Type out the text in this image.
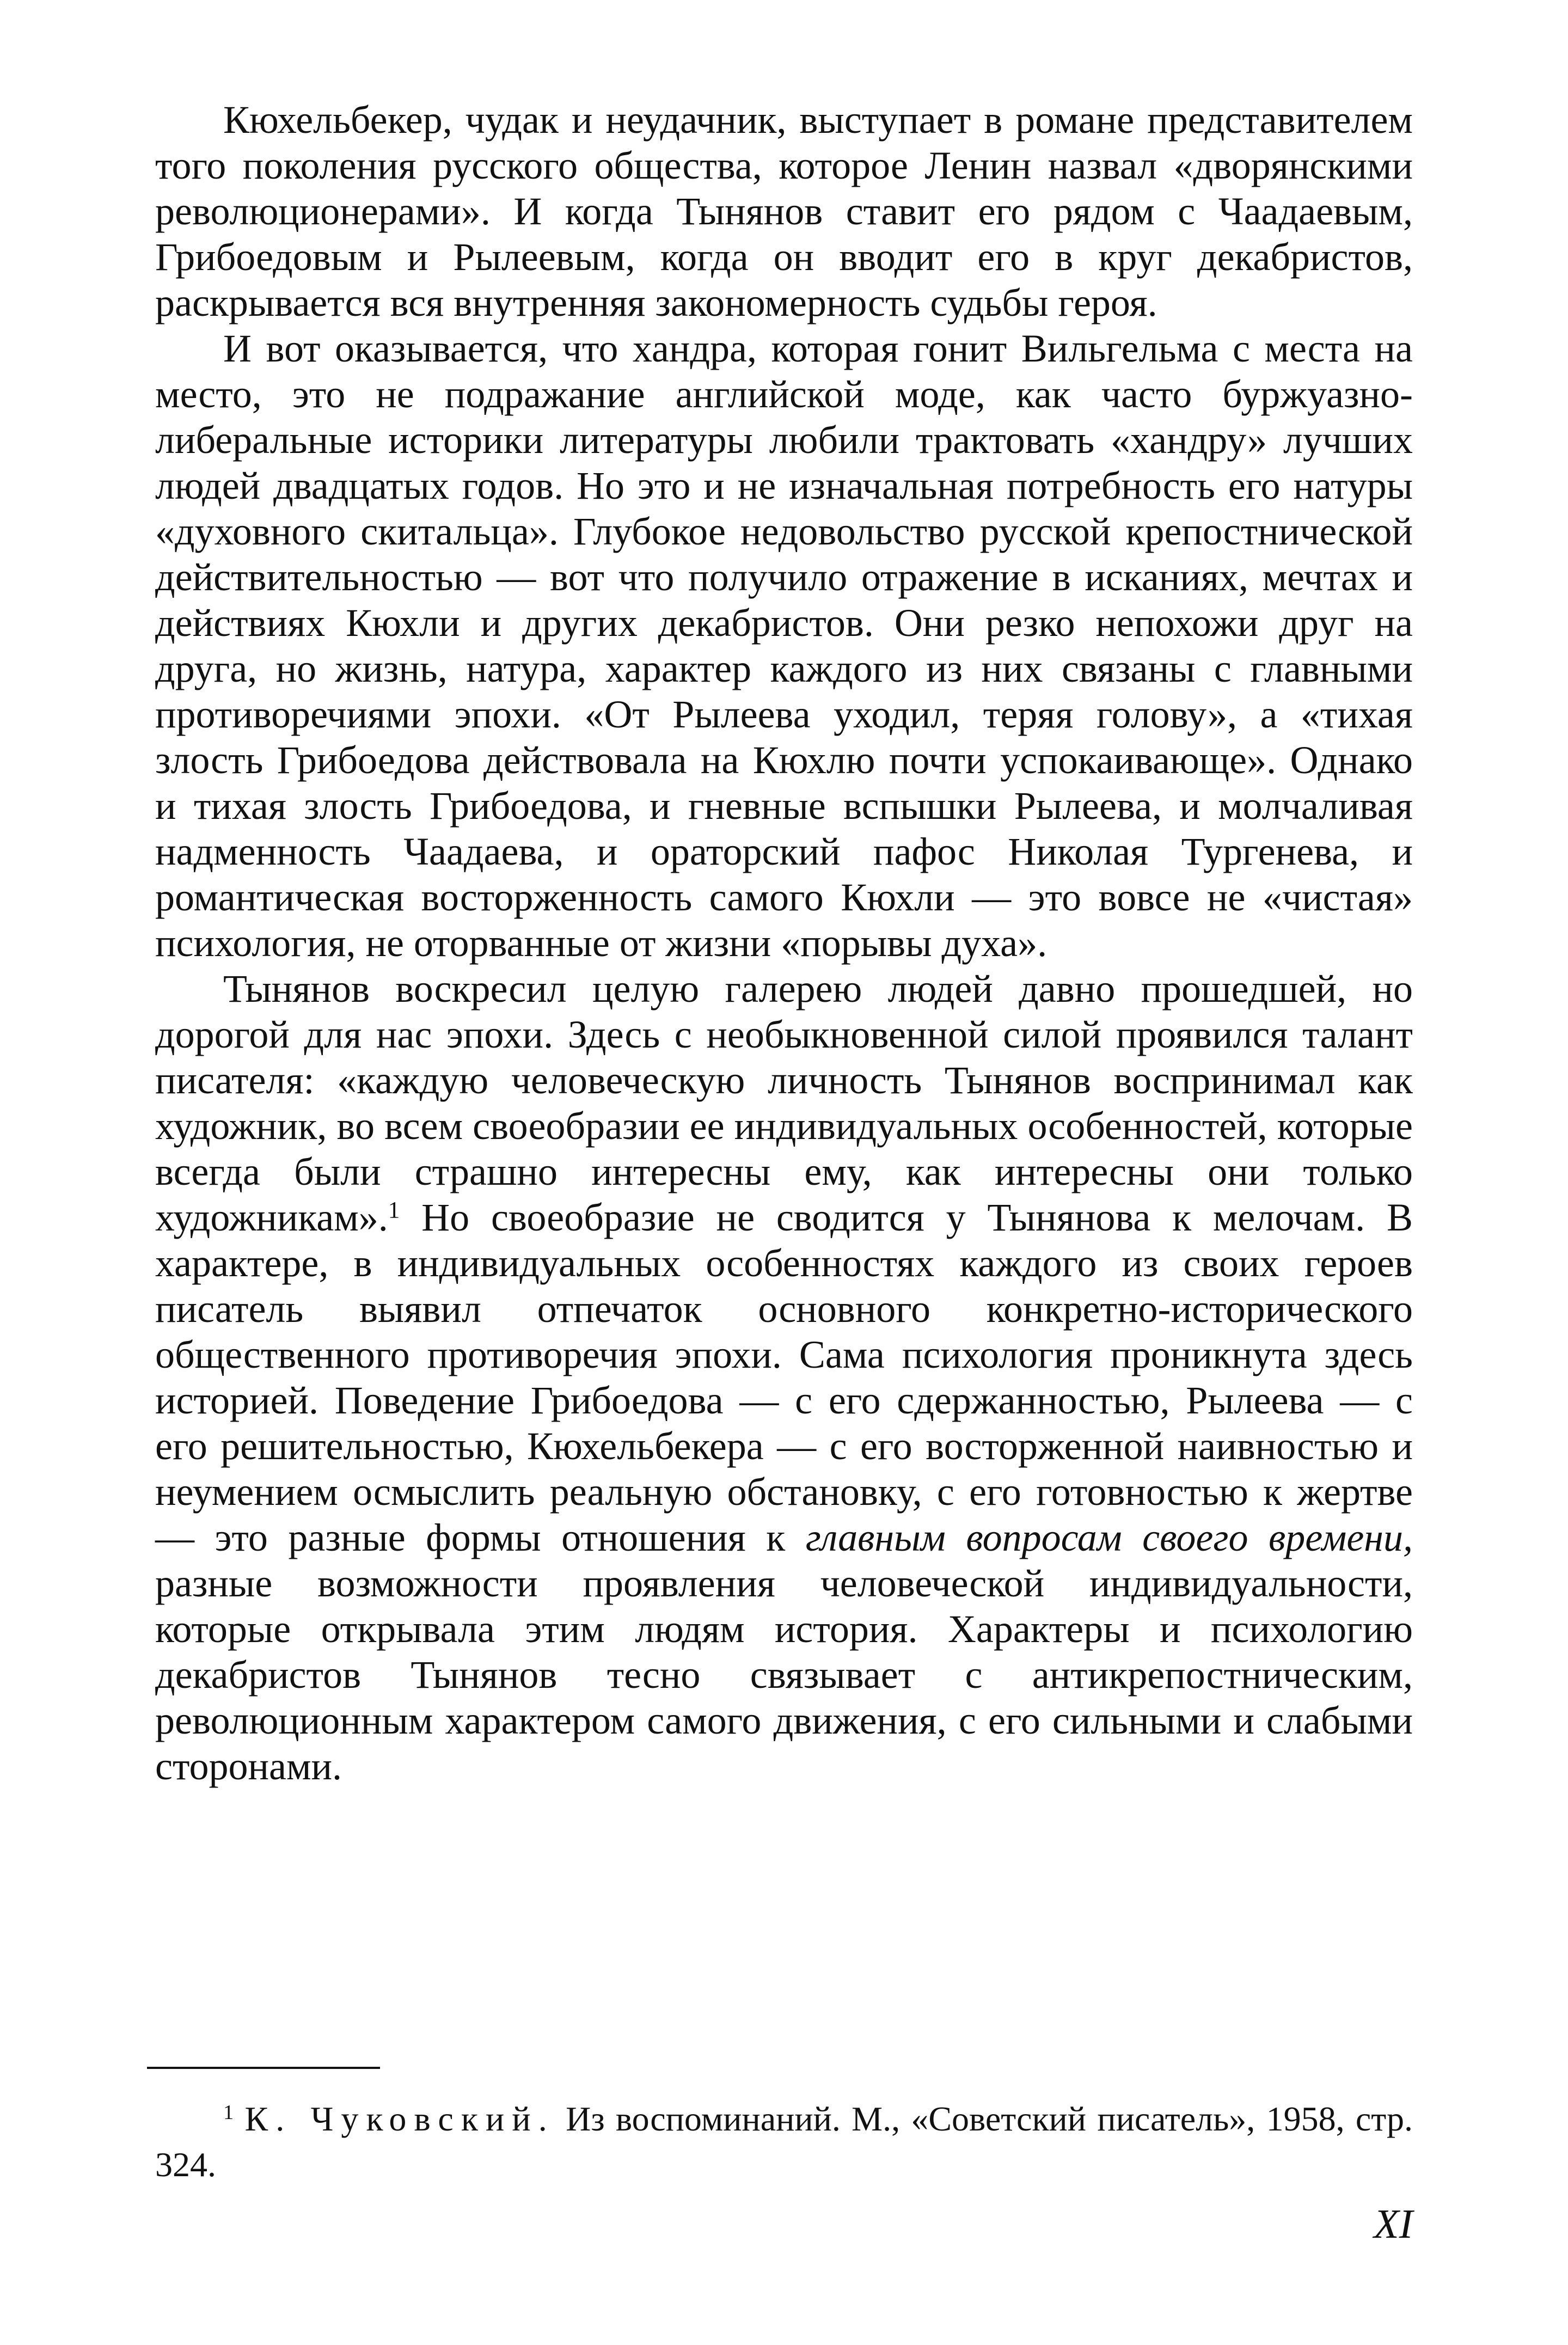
Кюхельбекер, чудак и неудачник, выступает в романе представителем того поколения русского общества, которое Ленин назвал «дворянскими революционерами». И когда Тынянов ставит его рядом с Чаадаевым, Грибоедовым и Рылеевым, когда он вводит его в круг декабристов, раскрывается вся внутренняя закономерность судьбы героя.

И вот оказывается, что хандра, которая гонит Вильгельма с места на место, это не подражание английской моде, как часто буржуазно-либеральные историки литературы любили трактовать «хандру» лучших людей двадцатых годов. Но это и не изначальная потребность его натуры «духовного скитальца». Глубокое недовольство русской крепостнической действительностью — вот что получило отражение в исканиях, мечтах и действиях Кюхли и других декабристов. Они резко непохожи друг на друга, но жизнь, натура, характер каждого из них связаны с главными противоречиями эпохи. «От Рылеева уходил, теряя голову», а «тихая злость Грибоедова действовала на Кюхлю почти успокаивающе». Однако и тихая злость Грибоедова, и гневные вспышки Рылеева, и молчаливая надменность Чаадаева, и ораторский пафос Николая Тургенева, и романтическая восторженность самого Кюхли — это вовсе не «чистая» психология, не оторванные от жизни «порывы духа».

Тынянов воскресил целую галерею людей давно прошедшей, но дорогой для нас эпохи. Здесь с необыкновенной силой проявился талант писателя: «каждую человеческую личность Тынянов воспринимал как художник, во всем своеобразии ее индивидуальных особенностей, которые всегда были страшно интересны ему, как интересны они только художникам».$^1$ Но своеобразие не сводится у Тынянова к мелочам. В характере, в индивидуальных особенностях каждого из своих героев писатель выявил отпечаток основного конкретно-исторического общественного противоречия эпохи. Сама психология проникнута здесь историей. Поведение Грибоедова — с его сдержанностью, Рылеева — с его решительностью, Кюхельбекера — с его восторженной наивностью и неумением осмыслить реальную обстановку, с его готовностью к жертве — это разные формы отношения к главным вопросам своего времени, разные возможности проявления человеческой индивидуальности, которые открывала этим людям история. Характеры и психологию декабристов Тынянов тесно связывает с антикрепостническим, революционным характером самого движения, с его сильными и слабыми сторонами.

$^1$ К. Чуковский. Из воспоминаний. М., «Советский писатель», 1958, стр. 324.

XI
